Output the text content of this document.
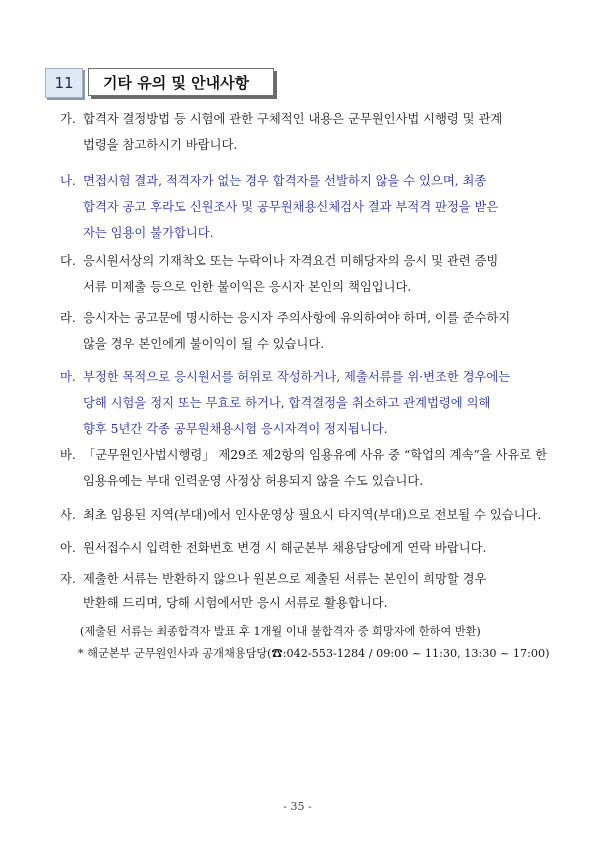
11	기타 유의 및 안내사항
가. 합격자 결정방법 등 시험에 관한 구체적인 내용은 군무원인사법 시행령 및 관계
법령을 참고하시기 바랍니다.
나. 면접시험 결과, 적격자가 없는 경우 합격자를 선발하지 않을 수 있으며, 최종
합격자 공고 후라도 신원조사 및 공무원채용신체검사 결과 부적격 판정을 받은
자는 임용이 불가합니다.
다. 응시원서상의 기재착오 또는 누락이나 자격요건 미해당자의 응시 및 관련 증빙
서류 미제출 등으로 인한 불이익은 응시자 본인의 책임입니다.
라. 응시자는 공고문에 명시하는 응시자 주의사항에 유의하여야 하며, 이를 준수하지
않을 경우 본인에게 불이익이 될 수 있습니다.
마. 부정한 목적으로 응시원서를 허위로 작성하거나, 제출서류를 위·변조한 경우에는
당해 시험을 정지 또는 무효로 하거나, 합격결정을 취소하고 관계법령에 의해
향후 5년간 각종 공무원채용시험 응시자격이 정지됩니다.
바. 「군무원인사법시행령」 제29조 제2항의 임용유예 사유 중 “학업의 계속”을 사유로 한
임용유예는 부대 인력운영 사정상 허용되지 않을 수도 있습니다.
사. 최초 임용된 지역(부대)에서 인사운영상 필요시 타지역(부대)으로 전보될 수 있습니다.
아. 원서접수시 입력한 전화번호 변경 시 해군본부 채용담당에게 연락 바랍니다.
자. 제출한 서류는 반환하지 않으나 원본으로 제출된 서류는 본인이 희망할 경우
반환해 드리며, 당해 시험에서만 응시 서류로 활용합니다.
(제출된 서류는 최종합격자 발표 후 1개월 이내 불합격자 중 희망자에 한하여 반환)
* 해군본부 군무원인사과 공개채용담당(☎:042-553-1284 / 09:00 ~ 11:30, 13:30 ~ 17:00)
- 35 -
